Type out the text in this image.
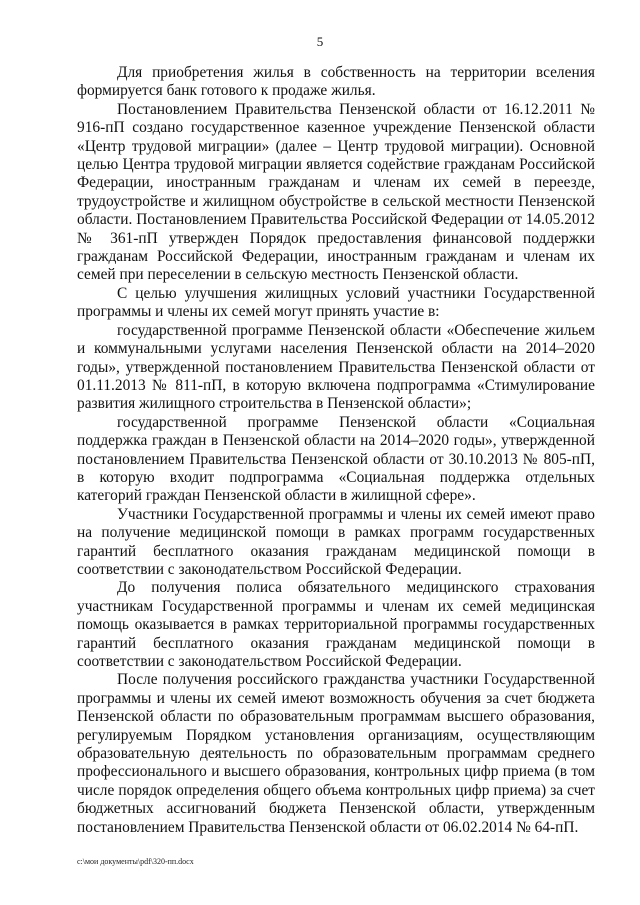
5

Для приобретения жилья в собственность на территории вселения формируется банк готового к продаже жилья.

Постановлением Правительства Пензенской области от 16.12.2011 № 916-пП создано государственное казенное учреждение Пензенской области «Центр трудовой миграции» (далее – Центр трудовой миграции). Основной целью Центра трудовой миграции является содействие гражданам Российской Федерации, иностранным гражданам и членам их семей в переезде, трудоустройстве и жилищном обустройстве в сельской местности Пензенской области. Постановлением Правительства Российской Федерации от 14.05.2012 № 361-пП утвержден Порядок предоставления финансовой поддержки гражданам Российской Федерации, иностранным гражданам и членам их семей при переселении в сельскую местность Пензенской области.

С целью улучшения жилищных условий участники Государственной программы и члены их семей могут принять участие в:

государственной программе Пензенской области «Обеспечение жильем и коммунальными услугами населения Пензенской области на 2014–2020 годы», утвержденной постановлением Правительства Пензенской области от 01.11.2013 № 811-пП, в которую включена подпрограмма «Стимулирование развития жилищного строительства в Пензенской области»;

государственной программе Пензенской области «Социальная поддержка граждан в Пензенской области на 2014–2020 годы», утвержденной постановлением Правительства Пензенской области от 30.10.2013 № 805-пП, в которую входит подпрограмма «Социальная поддержка отдельных категорий граждан Пензенской области в жилищной сфере».

Участники Государственной программы и члены их семей имеют право на получение медицинской помощи в рамках программ государственных гарантий бесплатного оказания гражданам медицинской помощи в соответствии с законодательством Российской Федерации.

До получения полиса обязательного медицинского страхования участникам Государственной программы и членам их семей медицинская помощь оказывается в рамках территориальной программы государственных гарантий бесплатного оказания гражданам медицинской помощи в соответствии с законодательством Российской Федерации.

После получения российского гражданства участники Государственной программы и члены их семей имеют возможность обучения за счет бюджета Пензенской области по образовательным программам высшего образования, регулируемым Порядком установления организациям, осуществляющим образовательную деятельность по образовательным программам среднего профессионального и высшего образования, контрольных цифр приема (в том числе порядок определения общего объема контрольных цифр приема) за счет бюджетных ассигнований бюджета Пензенской области, утвержденным постановлением Правительства Пензенской области от 06.02.2014 № 64-пП.

c:\мои документы\pdf\320-пп.docx
